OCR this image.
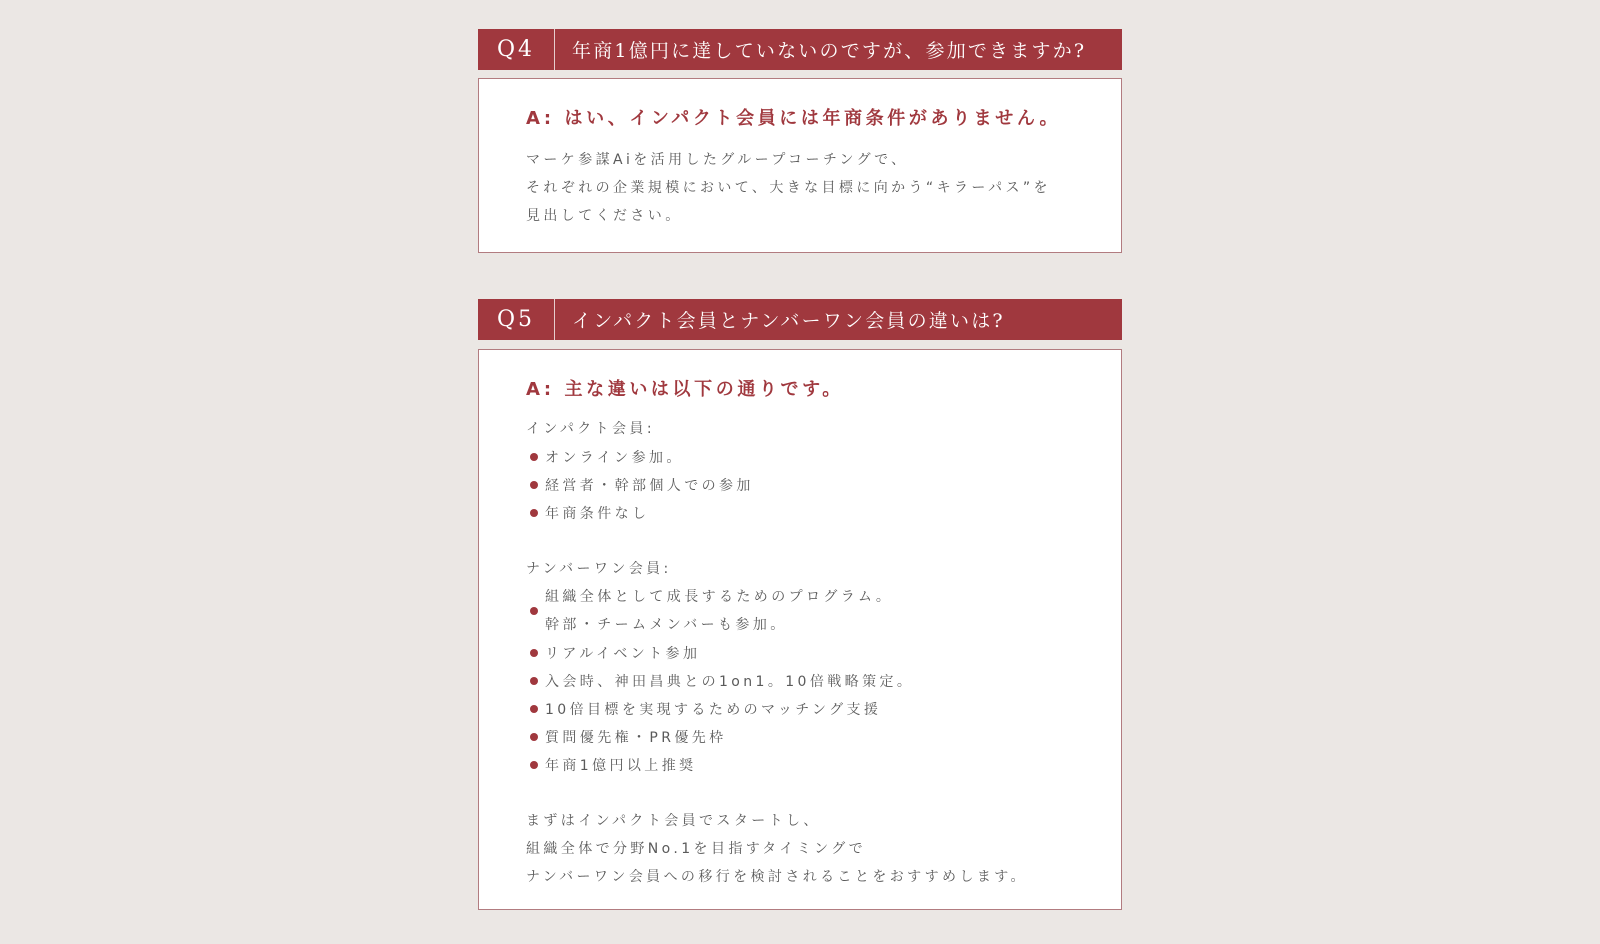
Q4	年商1億円に達していないのですが、参加できますか?
A: はい、インパクト会員には年商条件がありません。
マーケ参謀Aiを活用したグループコーチングで、
それぞれの企業規模において、大きな目標に向かう“キラーパス”を
見出してください。
Q5	インパクト会員とナンバーワン会員の違いは?
A: 主な違いは以下の通りです。
インパクト会員:
オンライン参加。
経営者・幹部個人での参加
年商条件なし
ナンバーワン会員:
組織全体として成長するためのプログラム。
幹部・チームメンバーも参加。
リアルイベント参加
入会時、神田昌典との1on1。10倍戦略策定。
10倍目標を実現するためのマッチング支援
質問優先権・PR優先枠
年商1億円以上推奨
まずはインパクト会員でスタートし、
組織全体で分野No.1を目指すタイミングで
ナンバーワン会員への移行を検討されることをおすすめします。
